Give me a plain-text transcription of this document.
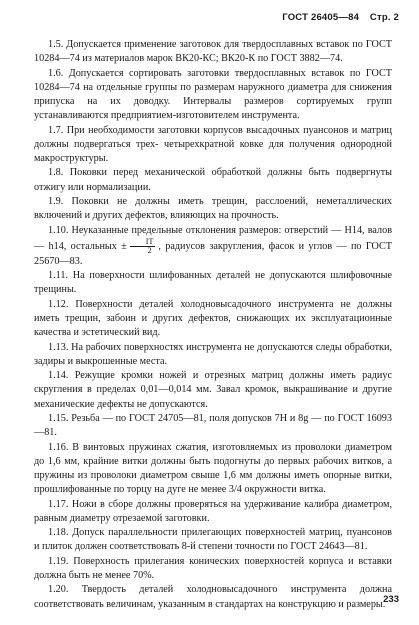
ГОСТ 26405—84 Стр. 2

1.5. Допускается применение заготовок для твердосплавных вставок по ГОСТ 10284—74 из материалов марок ВК20-КС; ВК20-К по ГОСТ 3882—74.

1.6. Допускается сортировать заготовки твердосплавных вставок по ГОСТ 10284—74 на отдельные группы по размерам наружного диаметра для снижения припуска на их доводку. Интервалы размеров сортируемых групп устанавливаются предприятием-изготовителем инструмента.

1.7. При необходимости заготовки корпусов высадочных пуансонов и матриц должны подвергаться трех- четырехкратной ковке для получения однородной макроструктуры.

1.8. Поковки перед механической обработкой должны быть подвергнуты отжигу или нормализации.

1.9. Поковки не должны иметь трещин, расслоений, неметаллических включений и других дефектов, влияющих на прочность.

1.10. Неуказанные предельные отклонения размеров: отверстий — H14, валов — h14, остальных ± $\frac{IT}{2}$ , радиусов закругления, фасок и углов — по ГОСТ 25670—83.

1.11. На поверхности шлифованных деталей не допускаются шлифовочные трещины.

1.12. Поверхности деталей холодновысадочного инструмента не должны иметь трещин, забоин и других дефектов, снижающих их эксплуатационные качества и эстетический вид.

1.13. На рабочих поверхностях инструмента не допускаются следы обработки, задиры и выкрошенные места.

1.14. Режущие кромки ножей и отрезных матриц должны иметь радиус скругления в пределах 0,01—0,014 мм. Завал кромок, выкрашивание и другие механические дефекты не допускаются.

1.15. Резьба — по ГОСТ 24705—81, поля допусков 7H и 8g — по ГОСТ 16093—81.

1.16. В винтовых пружинах сжатия, изготовляемых из проволоки диаметром до 1,6 мм, крайние витки должны быть подогнуты до первых рабочих витков, а пружины из проволоки диаметром свыше 1,6 мм должны иметь опорные витки, прошлифованные по торцу на дуге не менее 3/4 окружности витка.

1.17. Ножи в сборе должны проверяться на удерживание калибра диаметром, равным диаметру отрезаемой заготовки.

1.18. Допуск параллельности прилегающих поверхностей матриц, пуансонов и плиток должен соответствовать 8-й степени точности по ГОСТ 24643—81.

1.19. Поверхность прилегания конических поверхностей корпуса и вставки должна быть не менее 70%.

1.20. Твердость деталей холодновысадочного инструмента должна соответствовать величинам, указанным в стандартах на конструкцию и размеры.

233
